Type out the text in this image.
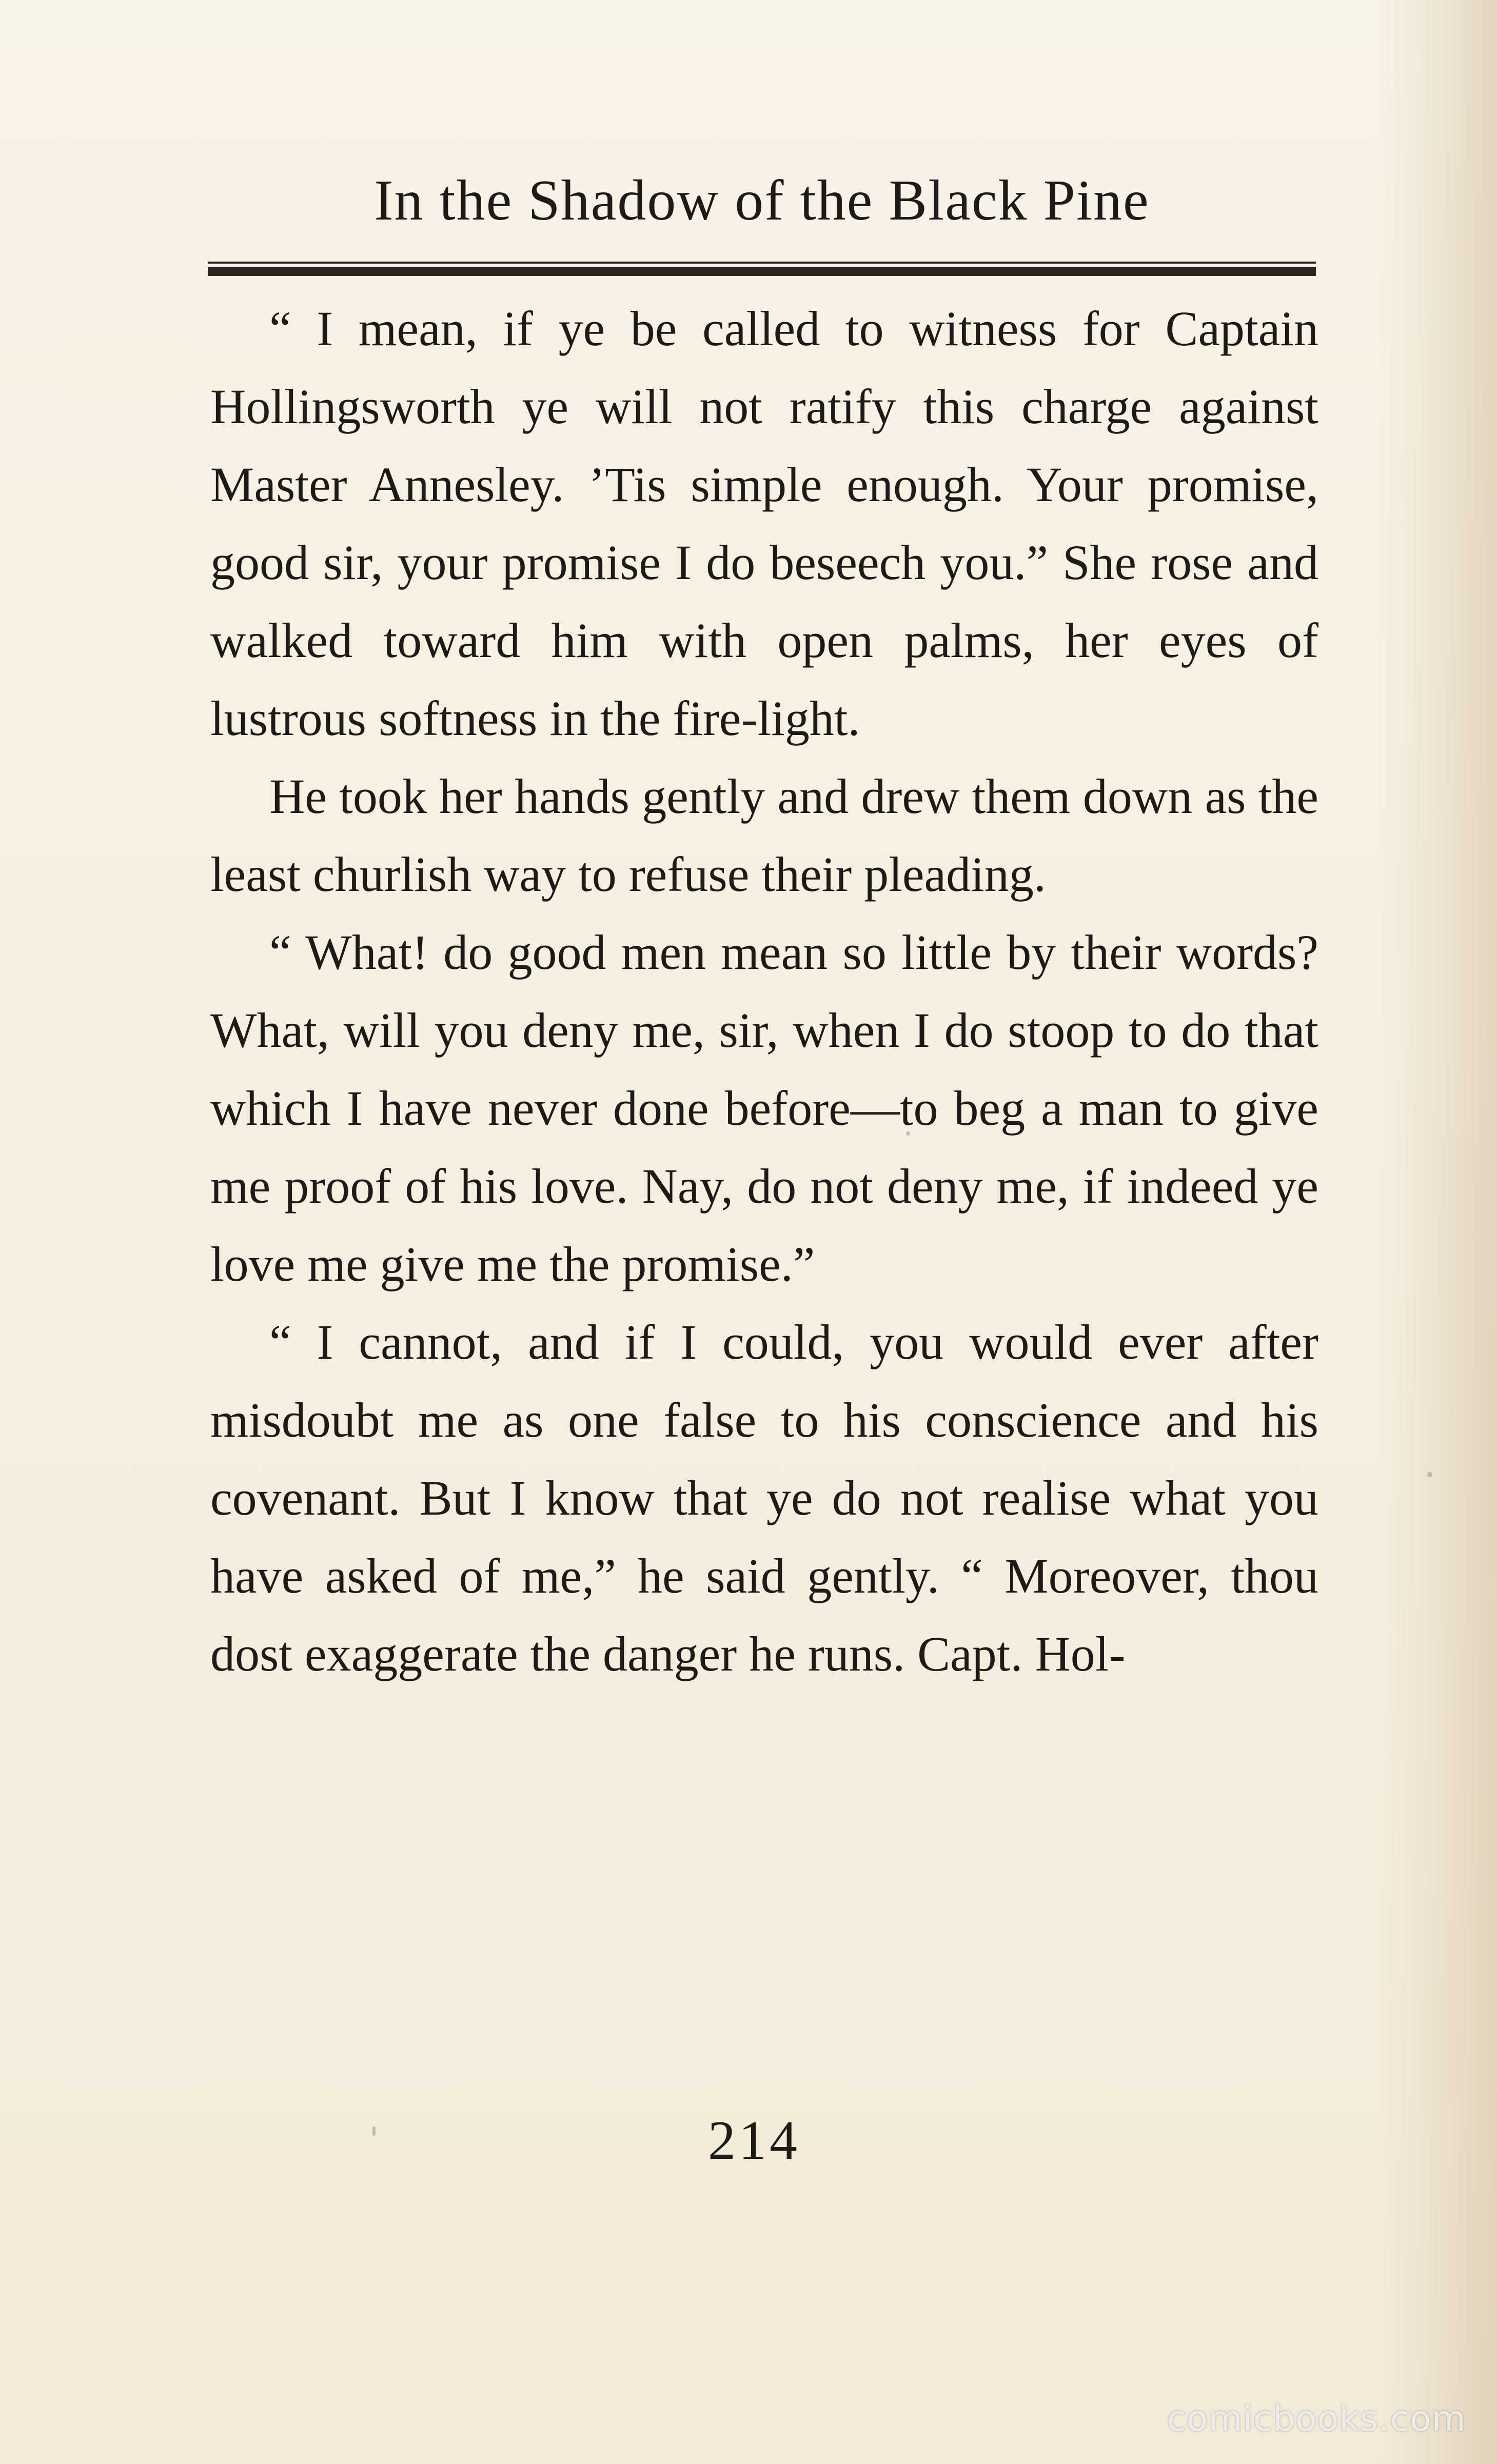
In the Shadow of the Black Pine

“ I mean, if ye be called to witness for Captain Hollingsworth ye will not ratify this charge against Master Annesley. ’Tis simple enough. Your promise, good sir, your promise I do beseech you.” She rose and walked toward him with open palms, her eyes of lustrous softness in the fire-light.

He took her hands gently and drew them down as the least churlish way to refuse their pleading.

“ What! do good men mean so little by their words? What, will you deny me, sir, when I do stoop to do that which I have never done before—to beg a man to give me proof of his love. Nay, do not deny me, if indeed ye love me give me the promise.”

“ I cannot, and if I could, you would ever after misdoubt me as one false to his conscience and his covenant. But I know that ye do not realise what you have asked of me,” he said gently. “ Moreover, thou dost exaggerate the danger he runs. Capt. Hol-

214
comicbooks.com
